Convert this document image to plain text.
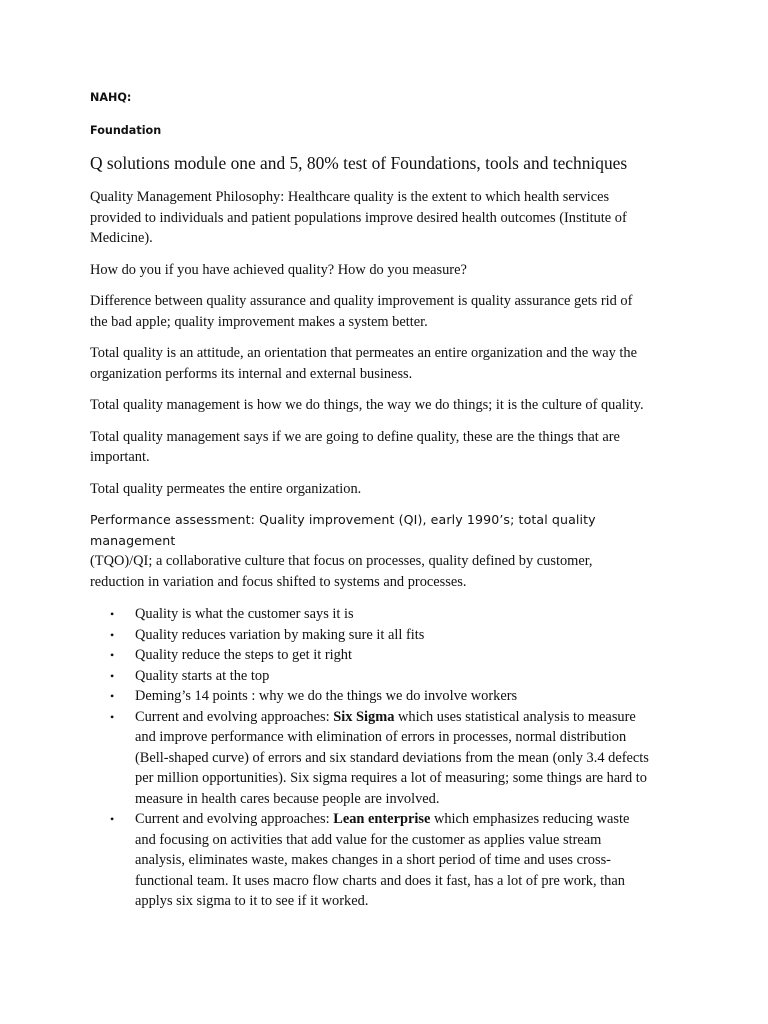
NAHQ:
Foundation
Q solutions module one and 5, 80% test of Foundations, tools and techniques

Quality Management Philosophy: Healthcare quality is the extent to which health services provided to individuals and patient populations improve desired health outcomes (Institute of Medicine).

How do you if you have achieved quality? How do you measure?

Difference between quality assurance and quality improvement is quality assurance gets rid of the bad apple; quality improvement makes a system better.

Total quality is an attitude, an orientation that permeates an entire organization and the way the organization performs its internal and external business.

Total quality management is how we do things, the way we do things; it is the culture of quality.

Total quality management says if we are going to define quality, these are the things that are important.

Total quality permeates the entire organization.

Performance assessment: Quality improvement (QI), early 1990’s; total quality management
(TQO)/QI; a collaborative culture that focus on processes, quality defined by customer, reduction in variation and focus shifted to systems and processes.

• Quality is what the customer says it is
• Quality reduces variation by making sure it all fits
• Quality reduce the steps to get it right
• Quality starts at the top
• Deming’s 14 points : why we do the things we do involve workers
• Current and evolving approaches: Six Sigma which uses statistical analysis to measure and improve performance with elimination of errors in processes, normal distribution (Bell-shaped curve) of errors and six standard deviations from the mean (only 3.4 defects per million opportunities). Six sigma requires a lot of measuring; some things are hard to measure in health cares because people are involved.
• Current and evolving approaches: Lean enterprise which emphasizes reducing waste and focusing on activities that add value for the customer as applies value stream analysis, eliminates waste, makes changes in a short period of time and uses cross-functional team. It uses macro flow charts and does it fast, has a lot of pre work, than applys six sigma to it to see if it worked.
